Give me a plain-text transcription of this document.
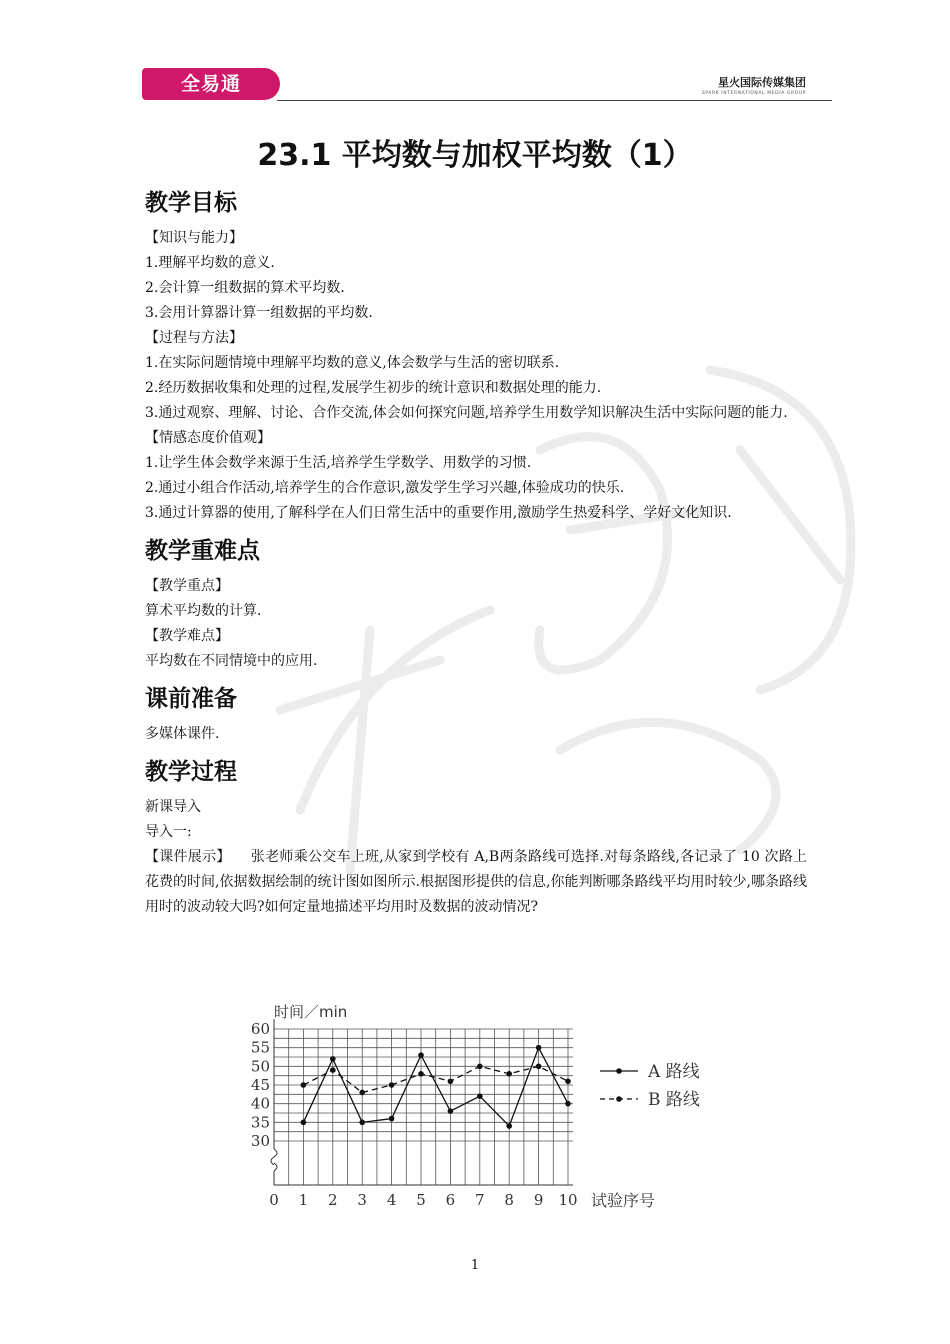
全易通	星火国际传媒集团
SPARK INTERNATIONAL MEDIA GROUP
23.1 平均数与加权平均数（1）
教学目标
【知识与能力】
1.理解平均数的意义.
2.会计算一组数据的算术平均数.
3.会用计算器计算一组数据的平均数.
【过程与方法】
1.在实际问题情境中理解平均数的意义,体会数学与生活的密切联系.
2.经历数据收集和处理的过程,发展学生初步的统计意识和数据处理的能力.
3.通过观察、理解、讨论、合作交流,体会如何探究问题,培养学生用数学知识解决生活中实际问题的能力.
【情感态度价值观】
1.让学生体会数学来源于生活,培养学生学数学、用数学的习惯.
2.通过小组合作活动,培养学生的合作意识,激发学生学习兴趣,体验成功的快乐.
3.通过计算器的使用,了解科学在人们日常生活中的重要作用,激励学生热爱科学、学好文化知识.
教学重难点
【教学重点】
算术平均数的计算.
【教学难点】
平均数在不同情境中的应用.
课前准备
多媒体课件.
教学过程
新课导入
导入一:
【课件展示】 张老师乘公交车上班,从家到学校有 A,B两条路线可选择.对每条路线,各记录了 10 次路上花费的时间,依据数据绘制的统计图如图所示.根据图形提供的信息,你能判断哪条路线平均用时较少,哪条路线用时的波动较大吗?如何定量地描述平均用时及数据的波动情况?
30
35
40
45
50
55
60
0 1 2 3 4 5 6 7 8 9 10
时间／min
试验序号
A 路线
B 路线
1
